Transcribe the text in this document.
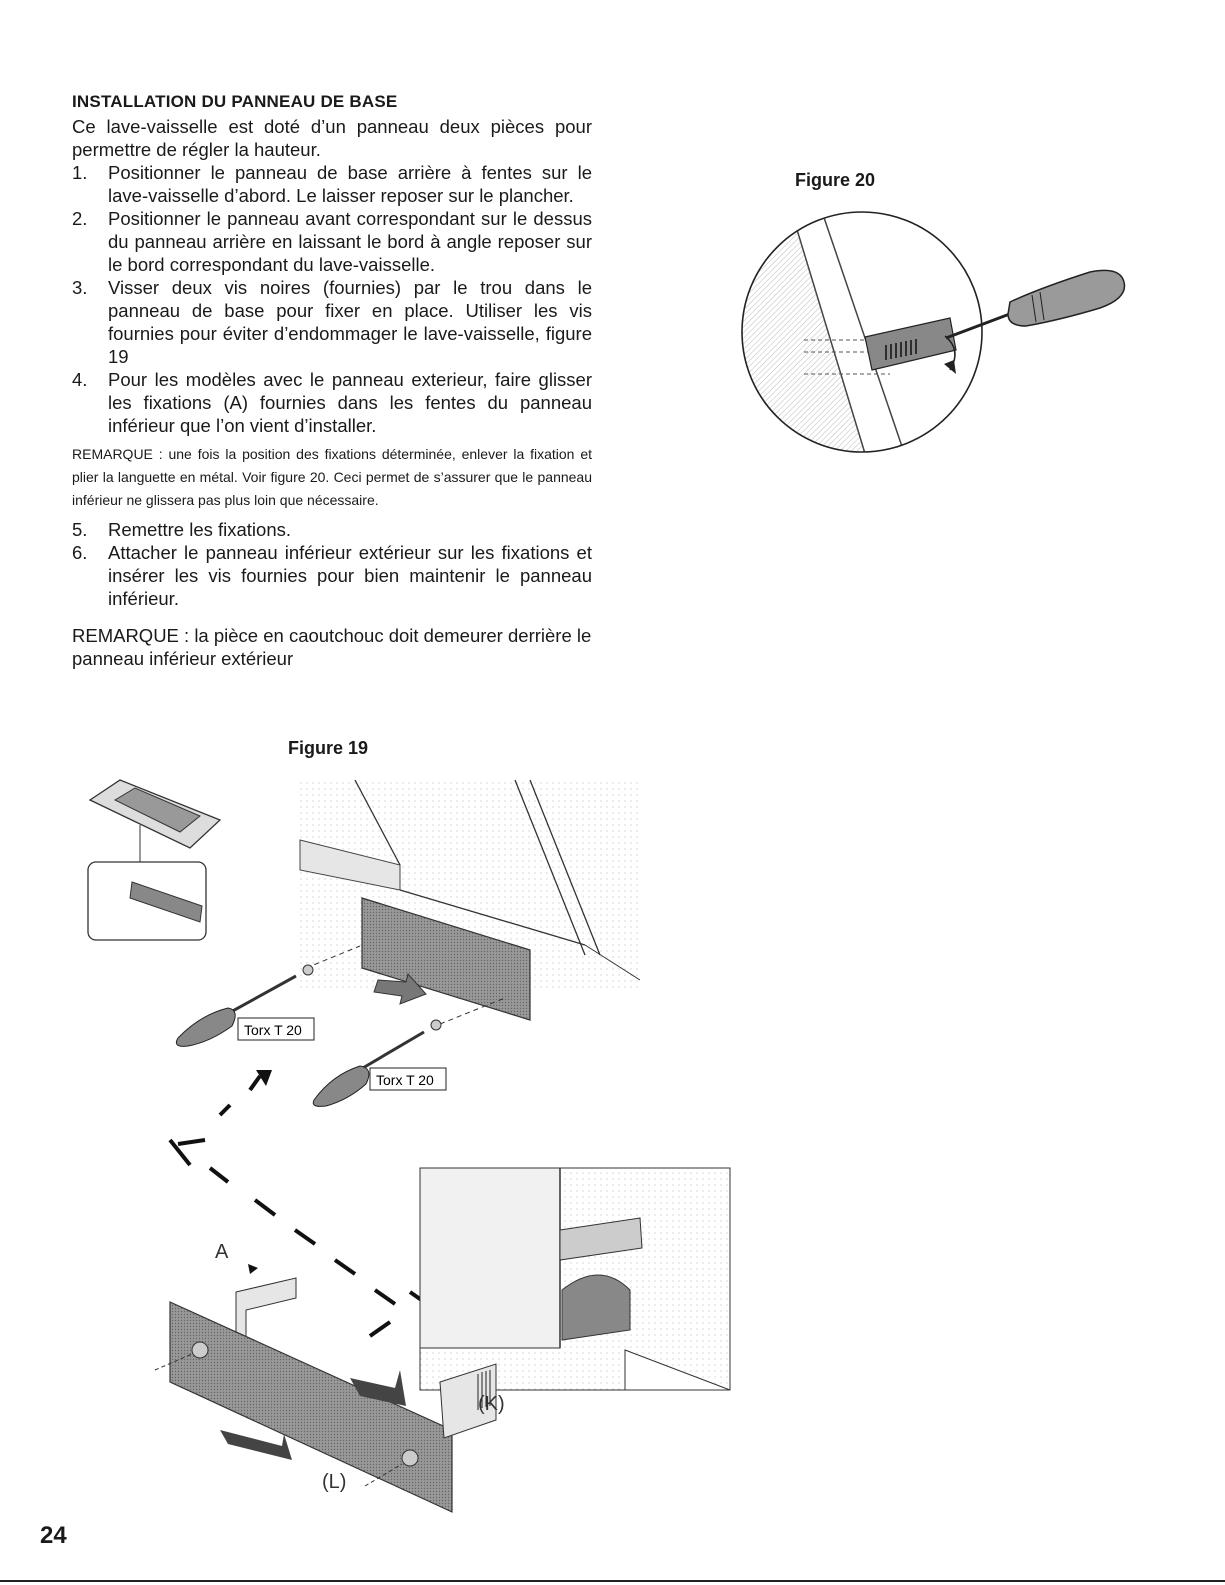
INSTALLATION DU PANNEAU DE BASE

Ce lave-vaisselle est doté d’un panneau deux pièces pour permettre de régler la hauteur.

1. Positionner le panneau de base arrière à fentes sur le lave-vaisselle d’abord. Le laisser reposer sur le plancher.
2. Positionner le panneau avant correspondant sur le dessus du panneau arrière en laissant le bord à angle reposer sur le bord correspondant du lave-vaisselle.
3. Visser deux vis noires (fournies) par le trou dans le panneau de base pour fixer en place. Utiliser les vis fournies pour éviter d’endommager le lave-vaisselle, figure 19
4. Pour les modèles avec le panneau exterieur, faire glisser les fixations (A) fournies dans les fentes du panneau inférieur que l’on vient d’installer.

REMARQUE : une fois la position des fixations déterminée, enlever la fixation et plier la languette en métal. Voir figure 20. Ceci permet de s’assurer que le panneau inférieur ne glissera pas plus loin que nécessaire.

5. Remettre les fixations.
6. Attacher le panneau inférieur extérieur sur les fixations et insérer les vis fournies pour bien maintenir le panneau inférieur.

REMARQUE : la pièce en caoutchouc doit demeurer derrière le panneau inférieur extérieur

Figure 19
Figure 20
Torx T 20
Torx T 20
A
(K)
(L)
24
